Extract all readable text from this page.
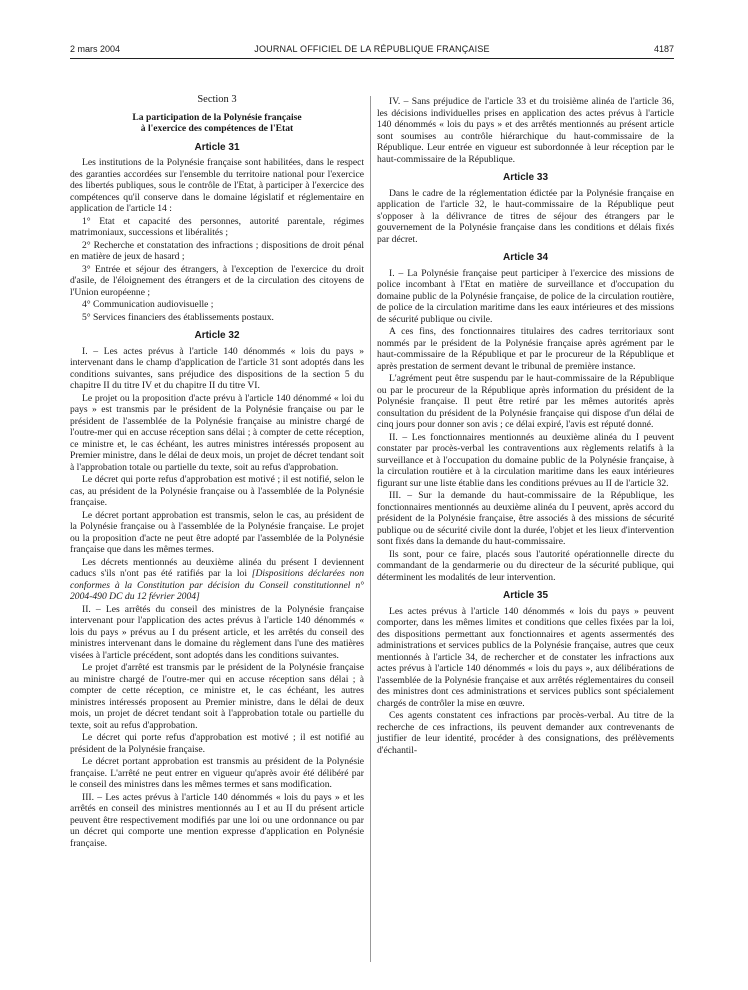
2 mars 2004	JOURNAL OFFICIEL DE LA RÉPUBLIQUE FRANÇAISE	4187
Section 3
La participation de la Polynésie française
à l'exercice des compétences de l'Etat
Article 31

Les institutions de la Polynésie française sont habilitées, dans le respect des garanties accordées sur l'ensemble du territoire national pour l'exercice des libertés publiques, sous le contrôle de l'Etat, à participer à l'exercice des compétences qu'il conserve dans le domaine législatif et réglementaire en application de l'article 14 :

1° Etat et capacité des personnes, autorité parentale, régimes matrimoniaux, successions et libéralités ;

2° Recherche et constatation des infractions ; dispositions de droit pénal en matière de jeux de hasard ;

3° Entrée et séjour des étrangers, à l'exception de l'exercice du droit d'asile, de l'éloignement des étrangers et de la circulation des citoyens de l'Union européenne ;

4° Communication audiovisuelle ;

5° Services financiers des établissements postaux.

Article 32

I. – Les actes prévus à l'article 140 dénommés « lois du pays » intervenant dans le champ d'application de l'article 31 sont adoptés dans les conditions suivantes, sans préjudice des dispositions de la section 5 du chapitre II du titre IV et du chapitre II du titre VI.

Le projet ou la proposition d'acte prévu à l'article 140 dénommé « loi du pays » est transmis par le président de la Polynésie française ou par le président de l'assemblée de la Polynésie française au ministre chargé de l'outre-mer qui en accuse réception sans délai ; à compter de cette réception, ce ministre et, le cas échéant, les autres ministres intéressés proposent au Premier ministre, dans le délai de deux mois, un projet de décret tendant soit à l'approbation totale ou partielle du texte, soit au refus d'approbation.

Le décret qui porte refus d'approbation est motivé ; il est notifié, selon le cas, au président de la Polynésie française ou à l'assemblée de la Polynésie française.

Le décret portant approbation est transmis, selon le cas, au président de la Polynésie française ou à l'assemblée de la Polynésie française. Le projet ou la proposition d'acte ne peut être adopté par l'assemblée de la Polynésie française que dans les mêmes termes.

Les décrets mentionnés au deuxième alinéa du présent I deviennent caducs s'ils n'ont pas été ratifiés par la loi [Dispositions déclarées non conformes à la Constitution par décision du Conseil constitutionnel n° 2004-490 DC du 12 février 2004]

II. – Les arrêtés du conseil des ministres de la Polynésie française intervenant pour l'application des actes prévus à l'article 140 dénommés « lois du pays » prévus au I du présent article, et les arrêtés du conseil des ministres intervenant dans le domaine du règlement dans l'une des matières visées à l'article précédent, sont adoptés dans les conditions suivantes.

Le projet d'arrêté est transmis par le président de la Polynésie française au ministre chargé de l'outre-mer qui en accuse réception sans délai ; à compter de cette réception, ce ministre et, le cas échéant, les autres ministres intéressés proposent au Premier ministre, dans le délai de deux mois, un projet de décret tendant soit à l'approbation totale ou partielle du texte, soit au refus d'approbation.

Le décret qui porte refus d'approbation est motivé ; il est notifié au président de la Polynésie française.

Le décret portant approbation est transmis au président de la Polynésie française. L'arrêté ne peut entrer en vigueur qu'après avoir été délibéré par le conseil des ministres dans les mêmes termes et sans modification.

III. – Les actes prévus à l'article 140 dénommés « lois du pays » et les arrêtés en conseil des ministres mentionnés au I et au II du présent article peuvent être respectivement modifiés par une loi ou une ordonnance ou par un décret qui comporte une mention expresse d'application en Polynésie française.

IV. – Sans préjudice de l'article 33 et du troisième alinéa de l'article 36, les décisions individuelles prises en application des actes prévus à l'article 140 dénommés « lois du pays » et des arrêtés mentionnés au présent article sont soumises au contrôle hiérarchique du haut-commissaire de la République. Leur entrée en vigueur est subordonnée à leur réception par le haut-commissaire de la République.

Article 33

Dans le cadre de la réglementation édictée par la Polynésie française en application de l'article 32, le haut-commissaire de la République peut s'opposer à la délivrance de titres de séjour des étrangers par le gouvernement de la Polynésie française dans les conditions et délais fixés par décret.

Article 34

I. – La Polynésie française peut participer à l'exercice des missions de police incombant à l'Etat en matière de surveillance et d'occupation du domaine public de la Polynésie française, de police de la circulation routière, de police de la circulation maritime dans les eaux intérieures et des missions de sécurité publique ou civile.

A ces fins, des fonctionnaires titulaires des cadres territoriaux sont nommés par le président de la Polynésie française après agrément par le haut-commissaire de la République et par le procureur de la République et après prestation de serment devant le tribunal de première instance.

L'agrément peut être suspendu par le haut-commissaire de la République ou par le procureur de la République après information du président de la Polynésie française. Il peut être retiré par les mêmes autorités après consultation du président de la Polynésie française qui dispose d'un délai de cinq jours pour donner son avis ; ce délai expiré, l'avis est réputé donné.

II. – Les fonctionnaires mentionnés au deuxième alinéa du I peuvent constater par procès-verbal les contraventions aux règlements relatifs à la surveillance et à l'occupation du domaine public de la Polynésie française, à la circulation routière et à la circulation maritime dans les eaux intérieures figurant sur une liste établie dans les conditions prévues au II de l'article 32.

III. – Sur la demande du haut-commissaire de la République, les fonctionnaires mentionnés au deuxième alinéa du I peuvent, après accord du président de la Polynésie française, être associés à des missions de sécurité publique ou de sécurité civile dont la durée, l'objet et les lieux d'intervention sont fixés dans la demande du haut-commissaire.

Ils sont, pour ce faire, placés sous l'autorité opérationnelle directe du commandant de la gendarmerie ou du directeur de la sécurité publique, qui déterminent les modalités de leur intervention.

Article 35

Les actes prévus à l'article 140 dénommés « lois du pays » peuvent comporter, dans les mêmes limites et conditions que celles fixées par la loi, des dispositions permettant aux fonctionnaires et agents assermentés des administrations et services publics de la Polynésie française, autres que ceux mentionnés à l'article 34, de rechercher et de constater les infractions aux actes prévus à l'article 140 dénommés « lois du pays », aux délibérations de l'assemblée de la Polynésie française et aux arrêtés réglementaires du conseil des ministres dont ces administrations et services publics sont spécialement chargés de contrôler la mise en œuvre.

Ces agents constatent ces infractions par procès-verbal. Au titre de la recherche de ces infractions, ils peuvent demander aux contrevenants de justifier de leur identité, procéder à des consignations, des prélèvements d'échantil-
